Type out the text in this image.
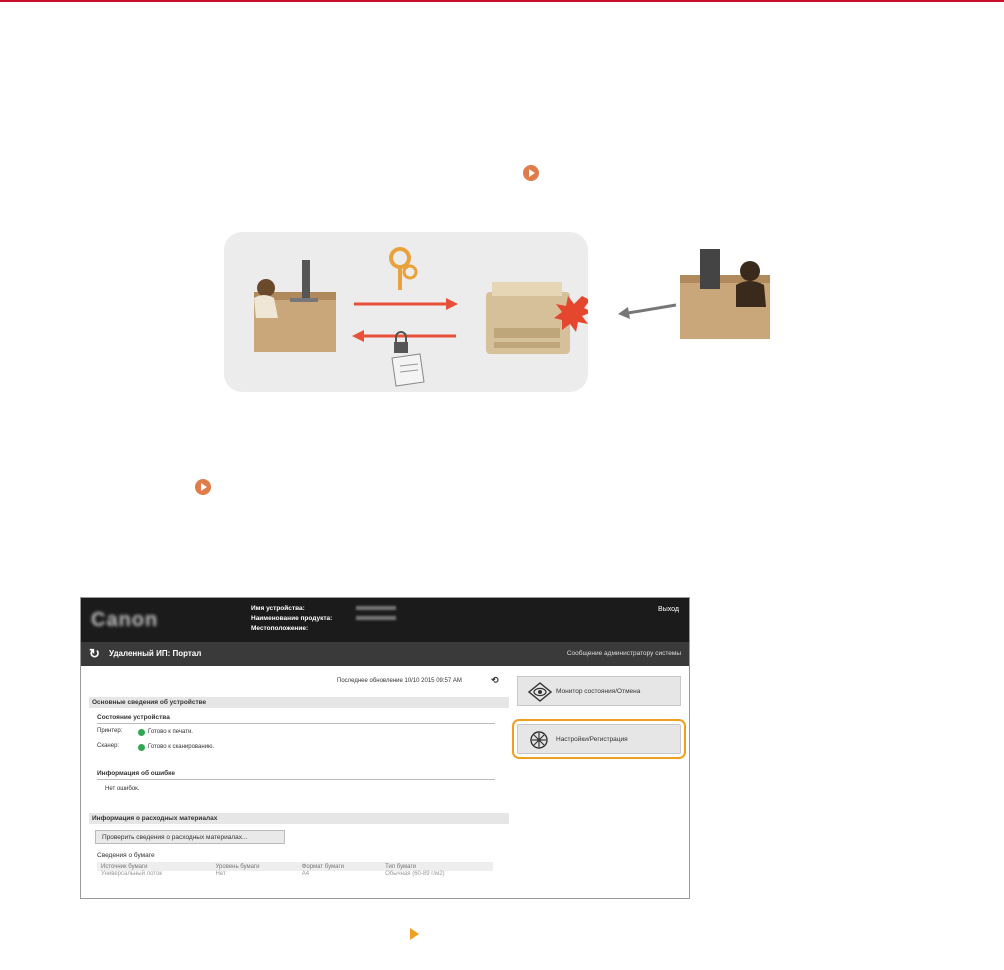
Canon
Имя устройства:
Наименование продукта:
Местоположение:
Выход
↻ Удаленный ИП: Портал	Сообщение администратору системы
Последнее обновление 10/10 2015 09:57 AM	⟲
Основные сведения об устройстве
Состояние устройства
Принтер:	Готово к печати.
Сканер:	Готово к сканированию.
Информация об ошибке
Нет ошибок.
Информация о расходных материалах
Проверить сведения о расходных материалах...
Сведения о бумаге
Источник бумаги	Уровень бумаги	Формат бумаги	Тип бумаги
Универсальный лоток	Нет	A4	Обычная (60-89 г/м2)
Монитор состояния/Отмена
Настройки/Регистрация
